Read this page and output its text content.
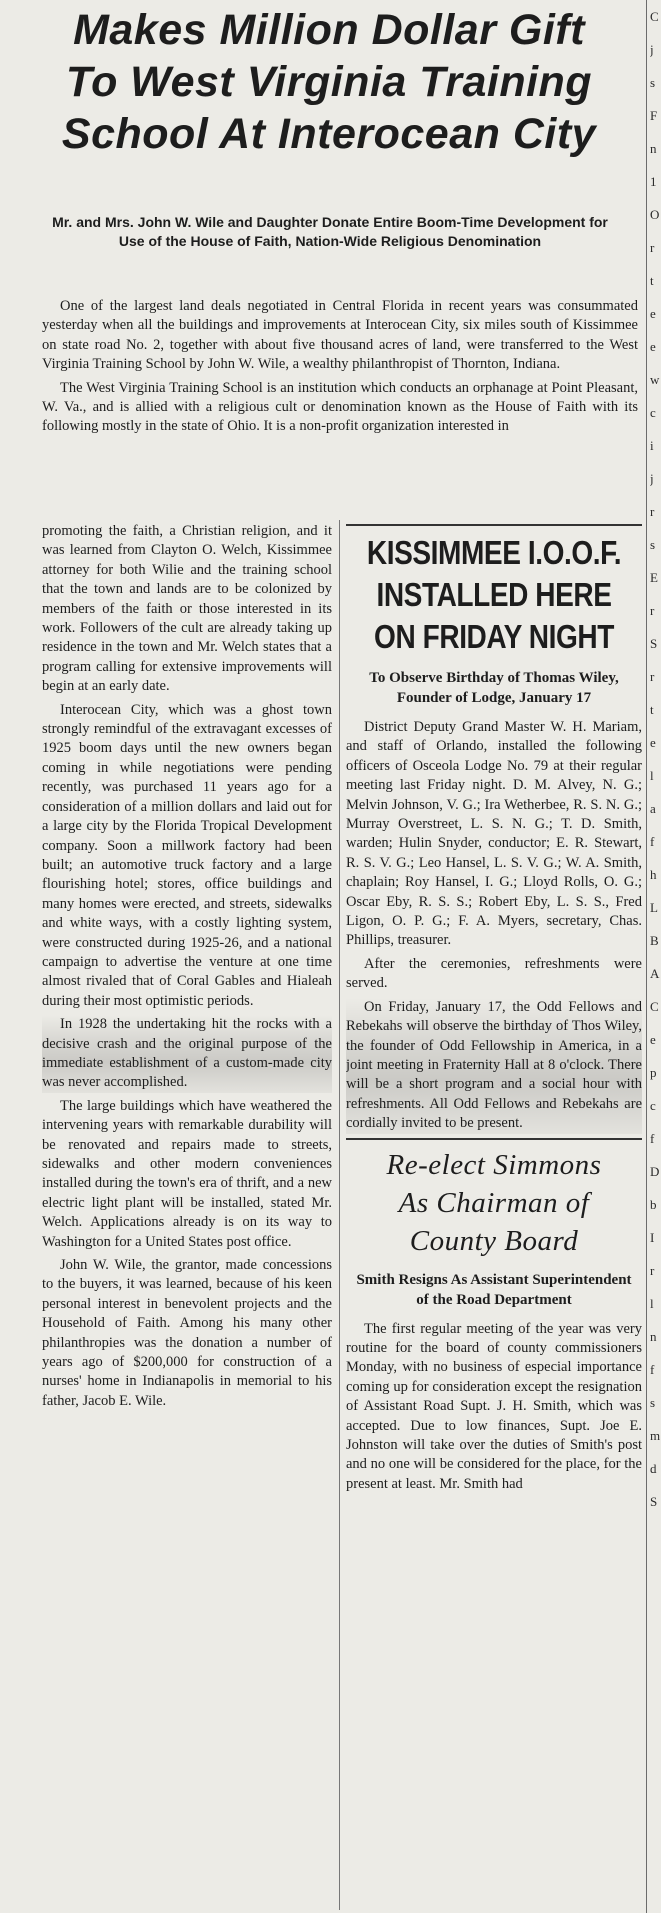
C
j
s
F
n
1
O
r
t
e
e
w
c
i
j
r
s
E
r
S
r
t
e
l
a
f
h
L
B
A
C
e
p
c
f
D
b
I
r
l
n
f
s
m
d
S
Makes Million Dollar Gift
To West Virginia Training
School At Interocean City
Mr. and Mrs. John W. Wile and Daughter Donate Entire Boom-Time Development for Use of the House of Faith, Nation-Wide Religious Denomination

One of the largest land deals negotiated in Central Florida in recent years was consummated yesterday when all the buildings and improvements at Interocean City, six miles south of Kissimmee on state road No. 2, together with about five thousand acres of land, were transferred to the West Virginia Training School by John W. Wile, a wealthy philanthropist of Thornton, Indiana.

The West Virginia Training School is an institution which conducts an orphanage at Point Pleasant, W. Va., and is allied with a religious cult or denomination known as the House of Faith with its following mostly in the state of Ohio. It is a non-profit organization interested in

promoting the faith, a Christian religion, and it was learned from Clayton O. Welch, Kissimmee attorney for both Wilie and the training school that the town and lands are to be colonized by members of the faith or those interested in its work. Followers of the cult are already taking up residence in the town and Mr. Welch states that a program calling for extensive improvements will begin at an early date.

Interocean City, which was a ghost town strongly remindful of the extravagant excesses of 1925 boom days until the new owners began coming in while negotiations were pending recently, was purchased 11 years ago for a consideration of a million dollars and laid out for a large city by the Florida Tropical Development company. Soon a millwork factory had been built; an automotive truck factory and a large flourishing hotel; stores, office buildings and many homes were erected, and streets, sidewalks and white ways, with a costly lighting system, were constructed during 1925-26, and a national campaign to advertise the venture at one time almost rivaled that of Coral Gables and Hialeah during their most optimistic periods.

In 1928 the undertaking hit the rocks with a decisive crash and the original purpose of the immediate establishment of a custom-made city was never accomplished.

The large buildings which have weathered the intervening years with remarkable durability will be renovated and repairs made to streets, sidewalks and other modern conveniences installed during the town's era of thrift, and a new electric light plant will be installed, stated Mr. Welch. Applications already is on its way to Washington for a United States post office.

John W. Wile, the grantor, made concessions to the buyers, it was learned, because of his keen personal interest in benevolent projects and the Household of Faith. Among his many other philanthropies was the donation a number of years ago of $200,000 for construction of a nurses' home in Indianapolis in memorial to his father, Jacob E. Wile.

KISSIMMEE I.O.O.F.
INSTALLED HERE
ON FRIDAY NIGHT
To Observe Birthday of Thomas Wiley, Founder of Lodge, January 17

District Deputy Grand Master W. H. Mariam, and staff of Orlando, installed the following officers of Osceola Lodge No. 79 at their regular meeting last Friday night. D. M. Alvey, N. G.; Melvin Johnson, V. G.; Ira Wetherbee, R. S. N. G.; Murray Overstreet, L. S. N. G.; T. D. Smith, warden; Hulin Snyder, conductor; E. R. Stewart, R. S. V. G.; Leo Hansel, L. S. V. G.; W. A. Smith, chaplain; Roy Hansel, I. G.; Lloyd Rolls, O. G.; Oscar Eby, R. S. S.; Robert Eby, L. S. S., Fred Ligon, O. P. G.; F. A. Myers, secretary, Chas. Phillips, treasurer.

After the ceremonies, refreshments were served.

On Friday, January 17, the Odd Fellows and Rebekahs will observe the birthday of Thos Wiley, the founder of Odd Fellowship in America, in a joint meeting in Fraternity Hall at 8 o'clock. There will be a short program and a social hour with refreshments. All Odd Fellows and Rebekahs are cordially invited to be present.

Re-elect Simmons
As Chairman of
County Board
Smith Resigns As Assistant Superintendent of the Road Department

The first regular meeting of the year was very routine for the board of county commissioners Monday, with no business of especial importance coming up for consideration except the resignation of Assistant Road Supt. J. H. Smith, which was accepted. Due to low finances, Supt. Joe E. Johnston will take over the duties of Smith's post and no one will be considered for the place, for the present at least. Mr. Smith had
